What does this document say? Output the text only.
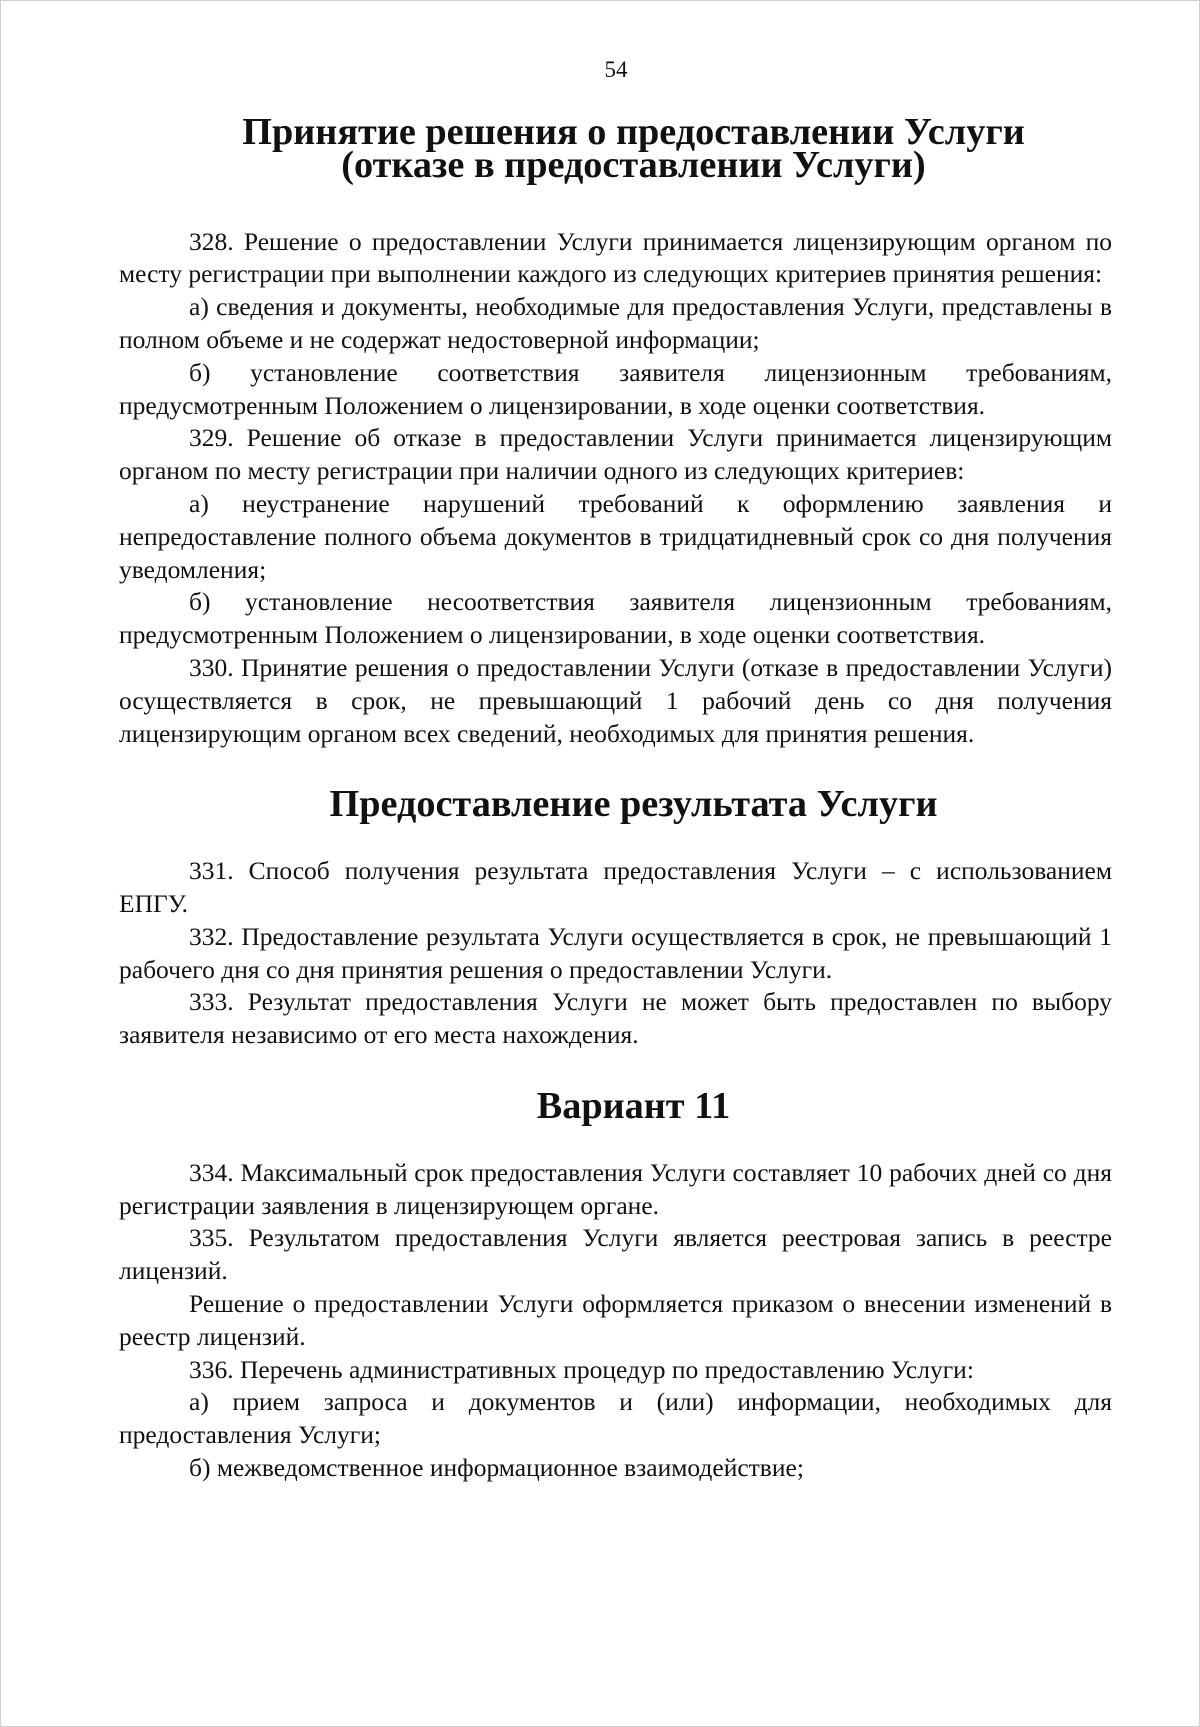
54
Принятие решения о предоставлении Услуги
(отказе в предоставлении Услуги)

328. Решение о предоставлении Услуги принимается лицензирующим органом по месту регистрации при выполнении каждого из следующих критериев принятия решения:

а) сведения и документы, необходимые для предоставления Услуги, представлены в полном объеме и не содержат недостоверной информации;

б) установление соответствия заявителя лицензионным требованиям, предусмотренным Положением о лицензировании, в ходе оценки соответствия.

329. Решение об отказе в предоставлении Услуги принимается лицензирующим органом по месту регистрации при наличии одного из следующих критериев:

а) неустранение нарушений требований к оформлению заявления и непредоставление полного объема документов в тридцатидневный срок со дня получения уведомления;

б) установление несоответствия заявителя лицензионным требованиям, предусмотренным Положением о лицензировании, в ходе оценки соответствия.

330. Принятие решения о предоставлении Услуги (отказе в предоставлении Услуги) осуществляется в срок, не превышающий 1 рабочий день со дня получения лицензирующим органом всех сведений, необходимых для принятия решения.

Предоставление результата Услуги

331. Способ получения результата предоставления Услуги – с использованием ЕПГУ.

332. Предоставление результата Услуги осуществляется в срок, не превышающий 1 рабочего дня со дня принятия решения о предоставлении Услуги.

333. Результат предоставления Услуги не может быть предоставлен по выбору заявителя независимо от его места нахождения.

Вариант 11

334. Максимальный срок предоставления Услуги составляет 10 рабочих дней со дня регистрации заявления в лицензирующем органе.

335. Результатом предоставления Услуги является реестровая запись в реестре лицензий.

Решение о предоставлении Услуги оформляется приказом о внесении изменений в реестр лицензий.

336. Перечень административных процедур по предоставлению Услуги:

а) прием запроса и документов и (или) информации, необходимых для предоставления Услуги;

б) межведомственное информационное взаимодействие;
